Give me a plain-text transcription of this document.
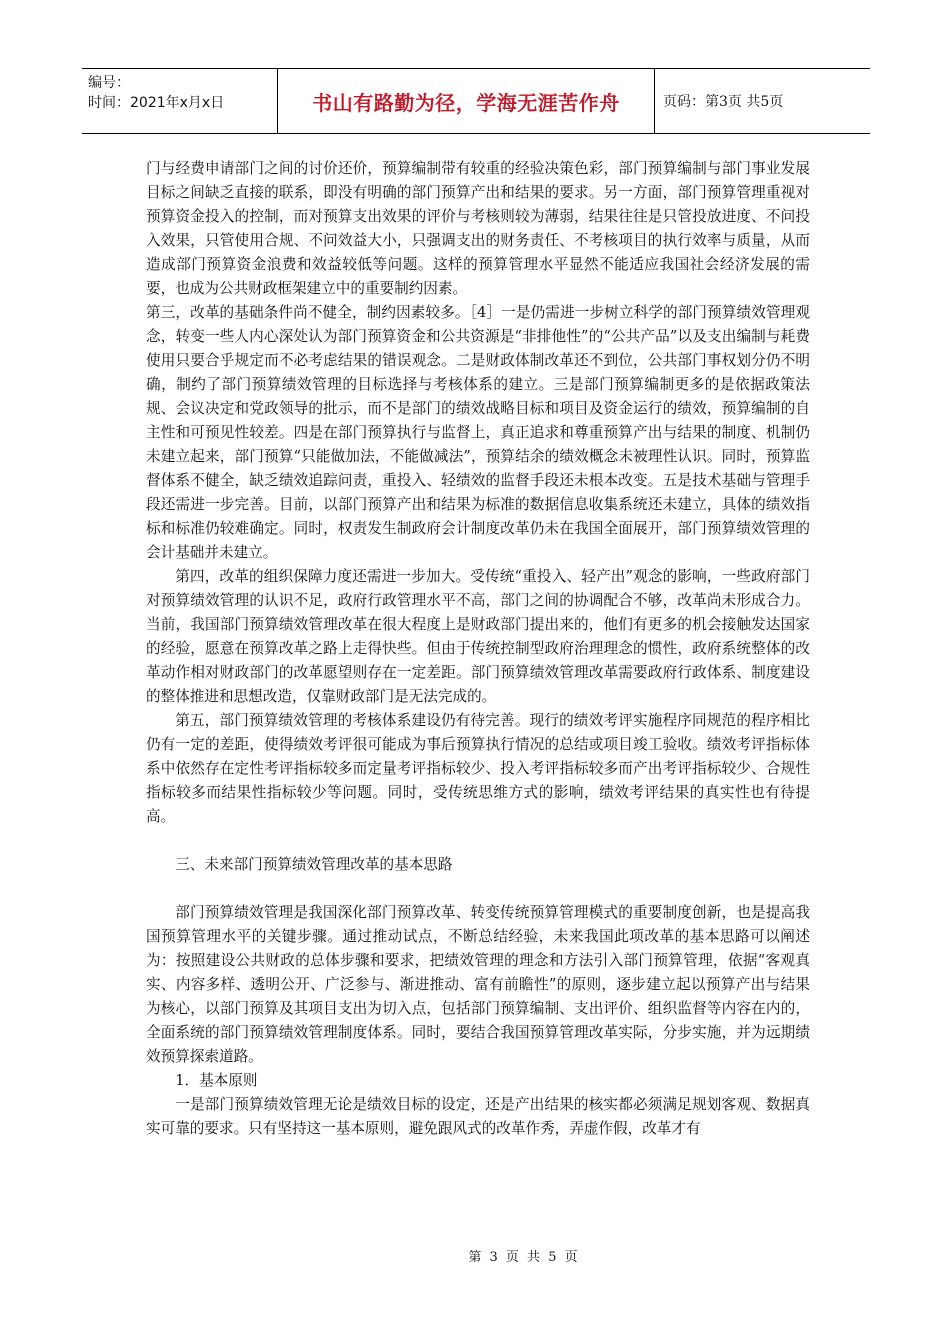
编号：
时间：2021年x月x日	书山有路勤为径，学海无涯苦作舟	页码：第3页 共5页

门与经费申请部门之间的讨价还价，预算编制带有较重的经验决策色彩，部门预算编制与部门事业发展目标之间缺乏直接的联系，即没有明确的部门预算产出和结果的要求。另一方面，部门预算管理重视对预算资金投入的控制，而对预算支出效果的评价与考核则较为薄弱，结果往往是只管投放进度、不问投入效果，只管使用合规、不问效益大小，只强调支出的财务责任、不考核项目的执行效率与质量，从而造成部门预算资金浪费和效益较低等问题。这样的预算管理水平显然不能适应我国社会经济发展的需要，也成为公共财政框架建立中的重要制约因素。

第三，改革的基础条件尚不健全，制约因素较多。［4］一是仍需进一步树立科学的部门预算绩效管理观念，转变一些人内心深处认为部门预算资金和公共资源是“非排他性”的“公共产品”以及支出编制与耗费使用只要合乎规定而不必考虑结果的错误观念。二是财政体制改革还不到位，公共部门事权划分仍不明确，制约了部门预算绩效管理的目标选择与考核体系的建立。三是部门预算编制更多的是依据政策法规、会议决定和党政领导的批示，而不是部门的绩效战略目标和项目及资金运行的绩效，预算编制的自主性和可预见性较差。四是在部门预算执行与监督上，真正追求和尊重预算产出与结果的制度、机制仍未建立起来，部门预算“只能做加法，不能做减法”，预算结余的绩效概念未被理性认识。同时，预算监督体系不健全，缺乏绩效追踪问责，重投入、轻绩效的监督手段还未根本改变。五是技术基础与管理手段还需进一步完善。目前，以部门预算产出和结果为标准的数据信息收集系统还未建立，具体的绩效指标和标准仍较难确定。同时，权责发生制政府会计制度改革仍未在我国全面展开，部门预算绩效管理的会计基础并未建立。

第四，改革的组织保障力度还需进一步加大。受传统“重投入、轻产出”观念的影响，一些政府部门对预算绩效管理的认识不足，政府行政管理水平不高，部门之间的协调配合不够，改革尚未形成合力。当前，我国部门预算绩效管理改革在很大程度上是财政部门提出来的，他们有更多的机会接触发达国家的经验，愿意在预算改革之路上走得快些。但由于传统控制型政府治理理念的惯性，政府系统整体的改革动作相对财政部门的改革愿望则存在一定差距。部门预算绩效管理改革需要政府行政体系、制度建设的整体推进和思想改造，仅靠财政部门是无法完成的。

第五，部门预算绩效管理的考核体系建设仍有待完善。现行的绩效考评实施程序同规范的程序相比仍有一定的差距，使得绩效考评很可能成为事后预算执行情况的总结或项目竣工验收。绩效考评指标体系中依然存在定性考评指标较多而定量考评指标较少、投入考评指标较多而产出考评指标较少、合规性指标较多而结果性指标较少等问题。同时，受传统思维方式的影响，绩效考评结果的真实性也有待提高。

三、未来部门预算绩效管理改革的基本思路

部门预算绩效管理是我国深化部门预算改革、转变传统预算管理模式的重要制度创新，也是提高我国预算管理水平的关键步骤。通过推动试点，不断总结经验，未来我国此项改革的基本思路可以阐述为：按照建设公共财政的总体步骤和要求，把绩效管理的理念和方法引入部门预算管理，依据“客观真实、内容多样、透明公开、广泛参与、渐进推动、富有前瞻性”的原则，逐步建立起以预算产出与结果为核心，以部门预算及其项目支出为切入点，包括部门预算编制、支出评价、组织监督等内容在内的，全面系统的部门预算绩效管理制度体系。同时，要结合我国预算管理改革实际，分步实施，并为远期绩效预算探索道路。

1．基本原则

一是部门预算绩效管理无论是绩效目标的设定，还是产出结果的核实都必须满足规划客观、数据真实可靠的要求。只有坚持这一基本原则，避免跟风式的改革作秀，弄虚作假，改革才有

第 3 页 共 5 页
